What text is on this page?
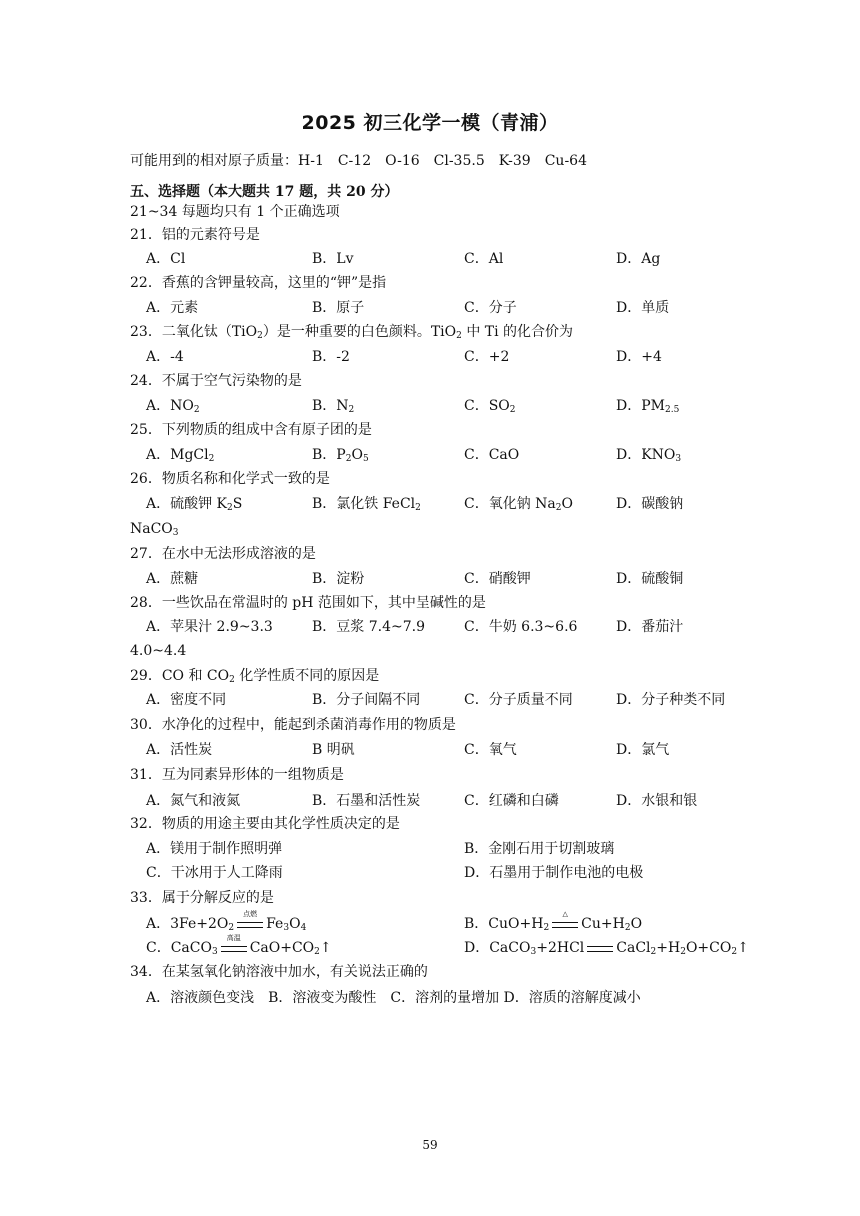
2025 初三化学一模（青浦）
可能用到的相对原子质量：H-1　C-12　O-16　Cl-35.5　K-39　Cu-64
五、选择题（本大题共 17 题，共 20 分）
21~34 每题均只有 1 个正确选项
21．铝的元素符号是
A．Cl	B．Lv	C．Al	D．Ag
22．香蕉的含钾量较高，这里的“钾”是指
A．元素	B．原子	C．分子	D．单质
23．二氧化钛（TiO$_2$）是一种重要的白色颜料。TiO$_2$ 中 Ti 的化合价为
A．-4	B．-2	C．+2	D．+4
24．不属于空气污染物的是
A．$NO_2$	B．$N_2$	C．$SO_2$	D．$PM_{2.5}$
25．下列物质的组成中含有原子团的是
A．MgCl$_2$	B．$P_2O_5$	C．CaO	D．$KNO_3$
26．物质名称和化学式一致的是
A．硫酸钾 $K_2S$	B．氯化铁 FeCl$_2$	C．氧化钠 $Na_2O$	D．碳酸钠
NaCO$_3$
27．在水中无法形成溶液的是
A．蔗糖	B．淀粉	C．硝酸钾	D．硫酸铜
28．一些饮品在常温时的 pH 范围如下，其中呈碱性的是
A．苹果汁 2.9~3.3	B．豆浆 7.4~7.9	C．牛奶 6.3~6.6	D．番茄汁
4.0~4.4
29．CO 和 $CO_2$ 化学性质不同的原因是
A．密度不同	B．分子间隔不同	C．分子质量不同	D．分子种类不同
30．水净化的过程中，能起到杀菌消毒作用的物质是
A．活性炭	B 明矾	C．氧气	D．氯气
31．互为同素异形体的一组物质是
A．氮气和液氮	B．石墨和活性炭	C．红磷和白磷	D．水银和银
32．物质的用途主要由其化学性质决定的是
A．镁用于制作照明弹	B．金刚石用于切割玻璃
C．干冰用于人工降雨	D．石墨用于制作电池的电极
33．属于分解反应的是
A．$3Fe+2O_2$
点燃
$Fe_3O_4$	B．$CuO+H_2$
△
$Cu+H_2O$
C．CaCO$_3$
高温
$CaO+CO_2↑$	D．CaCO$_3$+2HCl $CaCl_2+H_2O+CO_2↑$
34．在某氢氧化钠溶液中加水，有关说法正确的
A．溶液颜色变浅　B．溶液变为酸性　C．溶剂的量增加 D．溶质的溶解度减小
59
